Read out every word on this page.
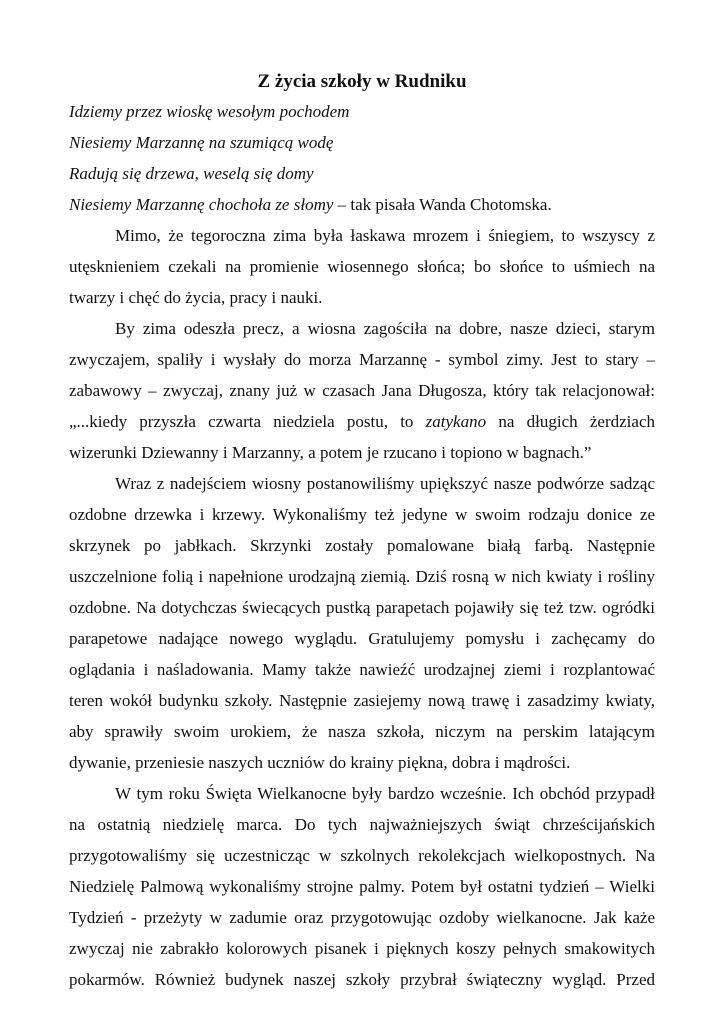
Z życia szkoły w Rudniku
Idziemy przez wioskę wesołym pochodem
Niesiemy Marzannę na szumiącą wodę
Radują się drzewa, weselą się domy
Niesiemy Marzannę chochoła ze słomy – tak pisała Wanda Chotomska.
Mimo, że tegoroczna zima była łaskawa mrozem i śniegiem, to wszyscy z
utęsknieniem czekali na promienie wiosennego słońca; bo słońce to uśmiech na
twarzy i chęć do życia, pracy i nauki.
By zima odeszła precz, a wiosna zagościła na dobre, nasze dzieci, starym
zwyczajem, spaliły i wysłały do morza Marzannę - symbol zimy. Jest to stary –
zabawowy – zwyczaj, znany już w czasach Jana Długosza, który tak relacjonował:
„...kiedy przyszła czwarta niedziela postu, to zatykano na długich żerdziach
wizerunki Dziewanny i Marzanny, a potem je rzucano i topiono w bagnach.”
Wraz z nadejściem wiosny postanowiliśmy upiększyć nasze podwórze sadząc
ozdobne drzewka i krzewy. Wykonaliśmy też jedyne w swoim rodzaju donice ze
skrzynek po jabłkach. Skrzynki zostały pomalowane białą farbą. Następnie
uszczelnione folią i napełnione urodzajną ziemią. Dziś rosną w nich kwiaty i rośliny
ozdobne. Na dotychczas świecących pustką parapetach pojawiły się też tzw. ogródki
parapetowe nadające nowego wyglądu. Gratulujemy pomysłu i zachęcamy do
oglądania i naśladowania. Mamy także nawieźć urodzajnej ziemi i rozplantować
teren wokół budynku szkoły. Następnie zasiejemy nową trawę i zasadzimy kwiaty,
aby sprawiły swoim urokiem, że nasza szkoła, niczym na perskim latającym
dywanie, przeniesie naszych uczniów do krainy piękna, dobra i mądrości.
W tym roku Święta Wielkanocne były bardzo wcześnie. Ich obchód przypadł
na ostatnią niedzielę marca. Do tych najważniejszych świąt chrześcijańskich
przygotowaliśmy się uczestnicząc w szkolnych rekolekcjach wielkopostnych. Na
Niedzielę Palmową wykonaliśmy strojne palmy. Potem był ostatni tydzień – Wielki
Tydzień - przeżyty w zadumie oraz przygotowując ozdoby wielkanocne. Jak każe
zwyczaj nie zabrakło kolorowych pisanek i pięknych koszy pełnych smakowitych
pokarmów. Również budynek naszej szkoły przybrał świąteczny wygląd. Przed
